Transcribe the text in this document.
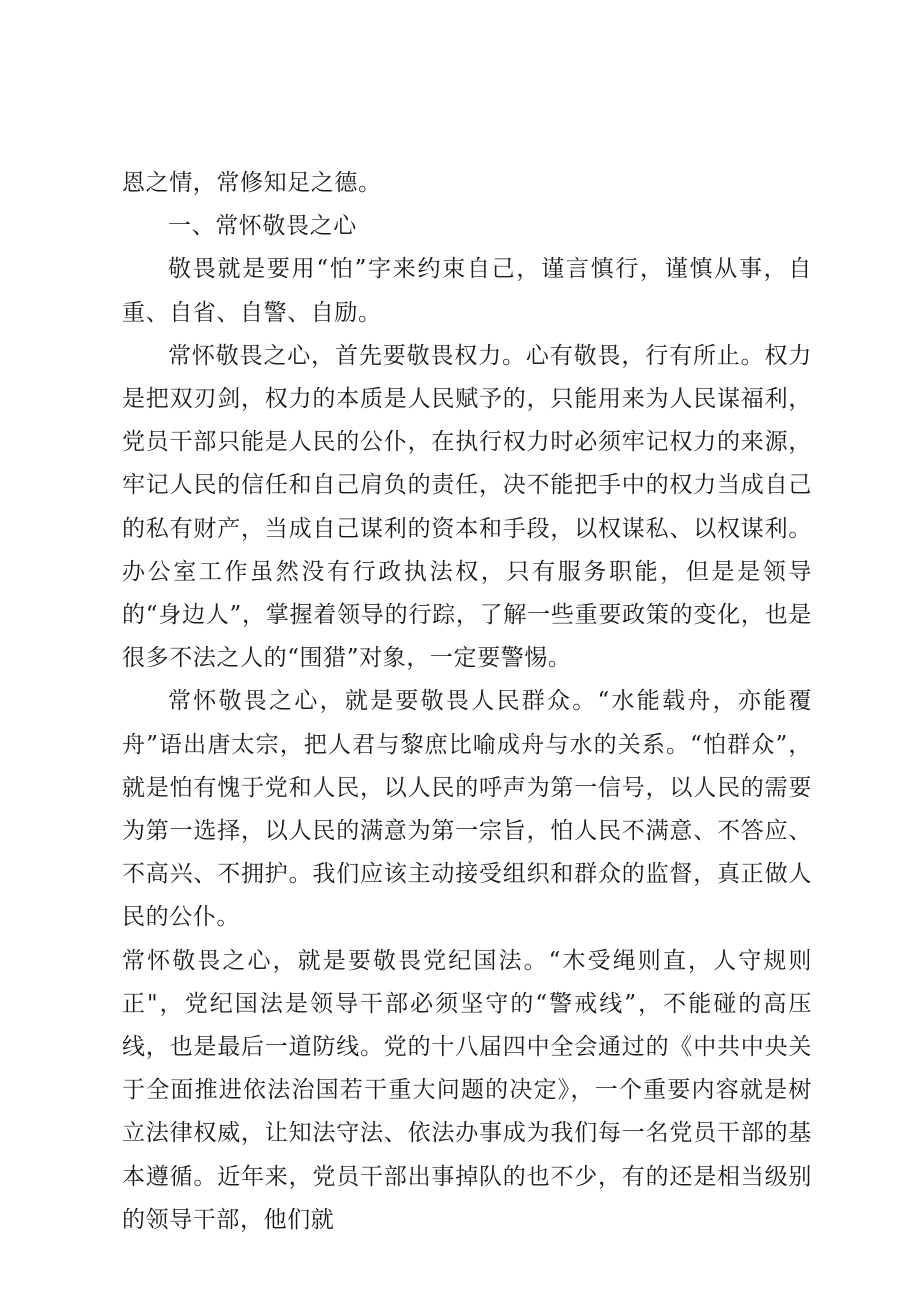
恩之情，常修知足之德。

一、常怀敬畏之心

敬畏就是要用“怕”字来约束自己，谨言慎行，谨慎从事，自重、自省、自警、自励。

常怀敬畏之心，首先要敬畏权力。心有敬畏，行有所止。权力是把双刃剑，权力的本质是人民赋予的，只能用来为人民谋福利，党员干部只能是人民的公仆，在执行权力时必须牢记权力的来源，牢记人民的信任和自己肩负的责任，决不能把手中的权力当成自己的私有财产，当成自己谋利的资本和手段，以权谋私、以权谋利。办公室工作虽然没有行政执法权，只有服务职能，但是是领导的“身边人”，掌握着领导的行踪，了解一些重要政策的变化，也是很多不法之人的“围猎”对象，一定要警惕。

常怀敬畏之心，就是要敬畏人民群众。“水能载舟，亦能覆舟”语出唐太宗，把人君与黎庶比喻成舟与水的关系。“怕群众”，就是怕有愧于党和人民，以人民的呼声为第一信号，以人民的需要为第一选择，以人民的满意为第一宗旨，怕人民不满意、不答应、不高兴、不拥护。我们应该主动接受组织和群众的监督，真正做人民的公仆。

常怀敬畏之心，就是要敬畏党纪国法。“木受绳则直，人守规则正"，党纪国法是领导干部必须坚守的“警戒线”，不能碰的高压线，也是最后一道防线。党的十八届四中全会通过的《中共中央关于全面推进依法治国若干重大问题的决定》，一个重要内容就是树立法律权威，让知法守法、依法办事成为我们每一名党员干部的基本遵循。近年来，党员干部出事掉队的也不少，有的还是相当级别的领导干部，他们就
